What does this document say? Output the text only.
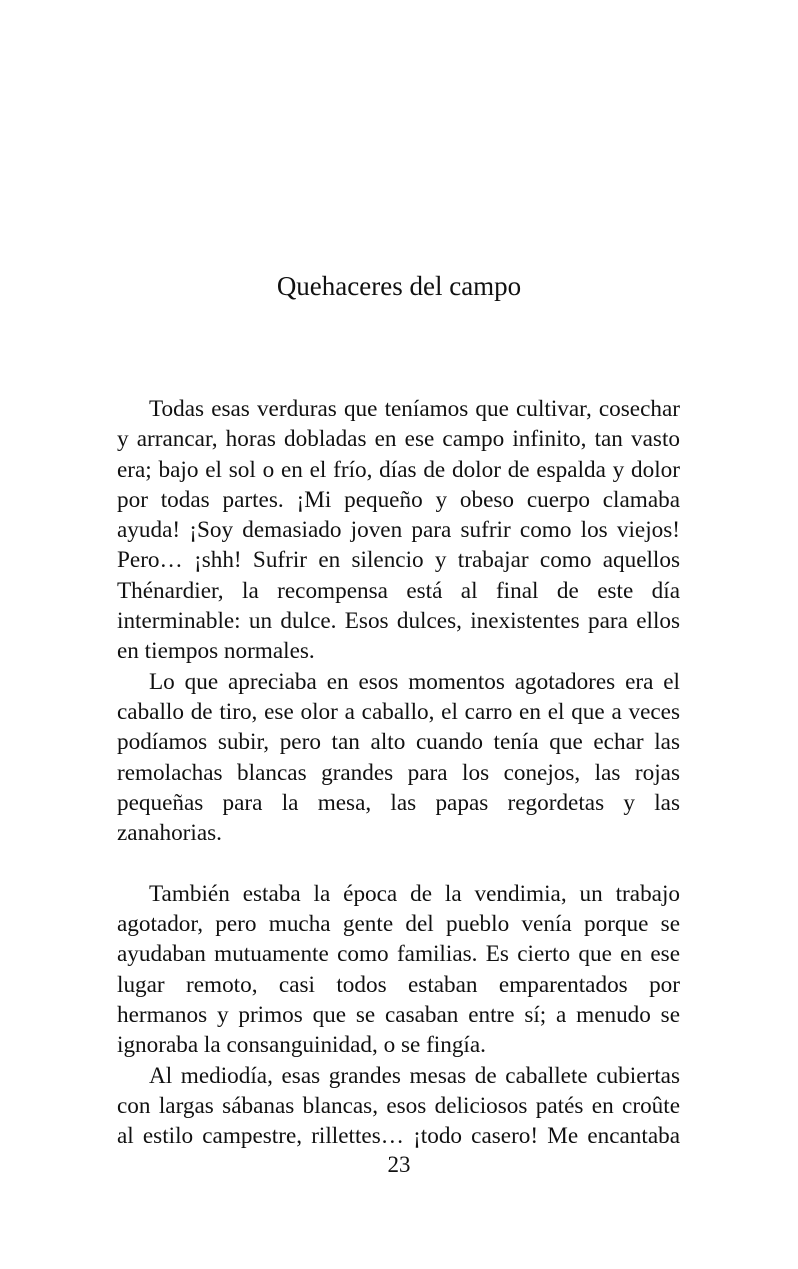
Quehaceres del campo

Todas esas verduras que teníamos que cultivar, cosechar y arrancar, horas dobladas en ese campo infinito, tan vasto era; bajo el sol o en el frío, días de dolor de espalda y dolor por todas partes. ¡Mi pequeño y obeso cuerpo clamaba ayuda! ¡Soy demasiado joven para sufrir como los viejos! Pero… ¡shh! Sufrir en silencio y trabajar como aquellos Thénardier, la recompensa está al final de este día interminable: un dulce. Esos dulces, inexistentes para ellos en tiempos normales.

Lo que apreciaba en esos momentos agotadores era el caballo de tiro, ese olor a caballo, el carro en el que a veces podíamos subir, pero tan alto cuando tenía que echar las remolachas blancas grandes para los conejos, las rojas pequeñas para la mesa, las papas regordetas y las zanahorias.

También estaba la época de la vendimia, un trabajo agotador, pero mucha gente del pueblo venía porque se ayudaban mutuamente como familias. Es cierto que en ese lugar remoto, casi todos estaban emparentados por hermanos y primos que se casaban entre sí; a menudo se ignoraba la consanguinidad, o se fingía.

Al mediodía, esas grandes mesas de caballete cubiertas con largas sábanas blancas, esos deliciosos patés en croûte al estilo campestre, rillettes… ¡todo casero! Me encantaba

23
